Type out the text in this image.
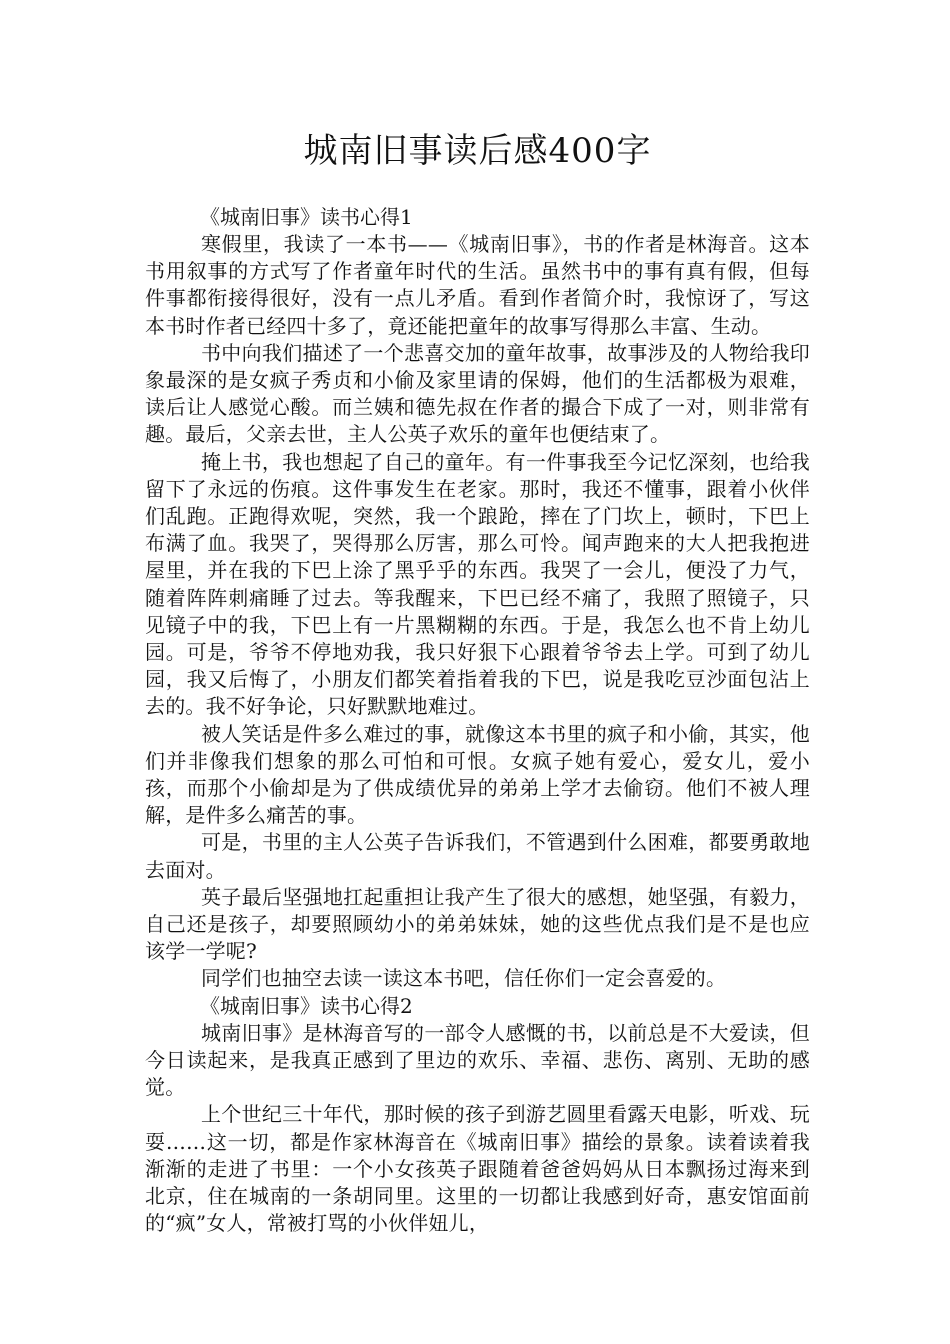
城南旧事读后感400字

《城南旧事》读书心得1

寒假里，我读了一本书——《城南旧事》，书的作者是林海音。这本书用叙事的方式写了作者童年时代的生活。虽然书中的事有真有假，但每件事都衔接得很好，没有一点儿矛盾。看到作者简介时，我惊讶了，写这本书时作者已经四十多了，竟还能把童年的故事写得那么丰富、生动。

书中向我们描述了一个悲喜交加的童年故事，故事涉及的人物给我印象最深的是女疯子秀贞和小偷及家里请的保姆，他们的生活都极为艰难，读后让人感觉心酸。而兰姨和德先叔在作者的撮合下成了一对，则非常有趣。最后，父亲去世，主人公英子欢乐的童年也便结束了。

掩上书，我也想起了自己的童年。有一件事我至今记忆深刻，也给我留下了永远的伤痕。这件事发生在老家。那时，我还不懂事，跟着小伙伴们乱跑。正跑得欢呢，突然，我一个踉跄，摔在了门坎上，顿时，下巴上布满了血。我哭了，哭得那么厉害，那么可怜。闻声跑来的大人把我抱进屋里，并在我的下巴上涂了黑乎乎的东西。我哭了一会儿，便没了力气，随着阵阵刺痛睡了过去。等我醒来，下巴已经不痛了，我照了照镜子，只见镜子中的我，下巴上有一片黑糊糊的东西。于是，我怎么也不肯上幼儿园。可是，爷爷不停地劝我，我只好狠下心跟着爷爷去上学。可到了幼儿园，我又后悔了，小朋友们都笑着指着我的下巴，说是我吃豆沙面包沾上去的。我不好争论，只好默默地难过。

被人笑话是件多么难过的事，就像这本书里的疯子和小偷，其实，他们并非像我们想象的那么可怕和可恨。女疯子她有爱心，爱女儿，爱小孩，而那个小偷却是为了供成绩优异的弟弟上学才去偷窃。他们不被人理解，是件多么痛苦的事。

可是，书里的主人公英子告诉我们，不管遇到什么困难，都要勇敢地去面对。

英子最后坚强地扛起重担让我产生了很大的感想，她坚强，有毅力，自己还是孩子，却要照顾幼小的弟弟妹妹，她的这些优点我们是不是也应该学一学呢?

同学们也抽空去读一读这本书吧，信任你们一定会喜爱的。

《城南旧事》读书心得2

城南旧事》是林海音写的一部令人感慨的书，以前总是不大爱读，但今日读起来，是我真正感到了里边的欢乐、幸福、悲伤、离别、无助的感觉。

上个世纪三十年代，那时候的孩子到游艺圆里看露天电影，听戏、玩耍……这一切，都是作家林海音在《城南旧事》描绘的景象。读着读着我渐渐的走进了书里：一个小女孩英子跟随着爸爸妈妈从日本飘扬过海来到北京，住在城南的一条胡同里。这里的一切都让我感到好奇，惠安馆面前的“疯”女人，常被打骂的小伙伴妞儿，
